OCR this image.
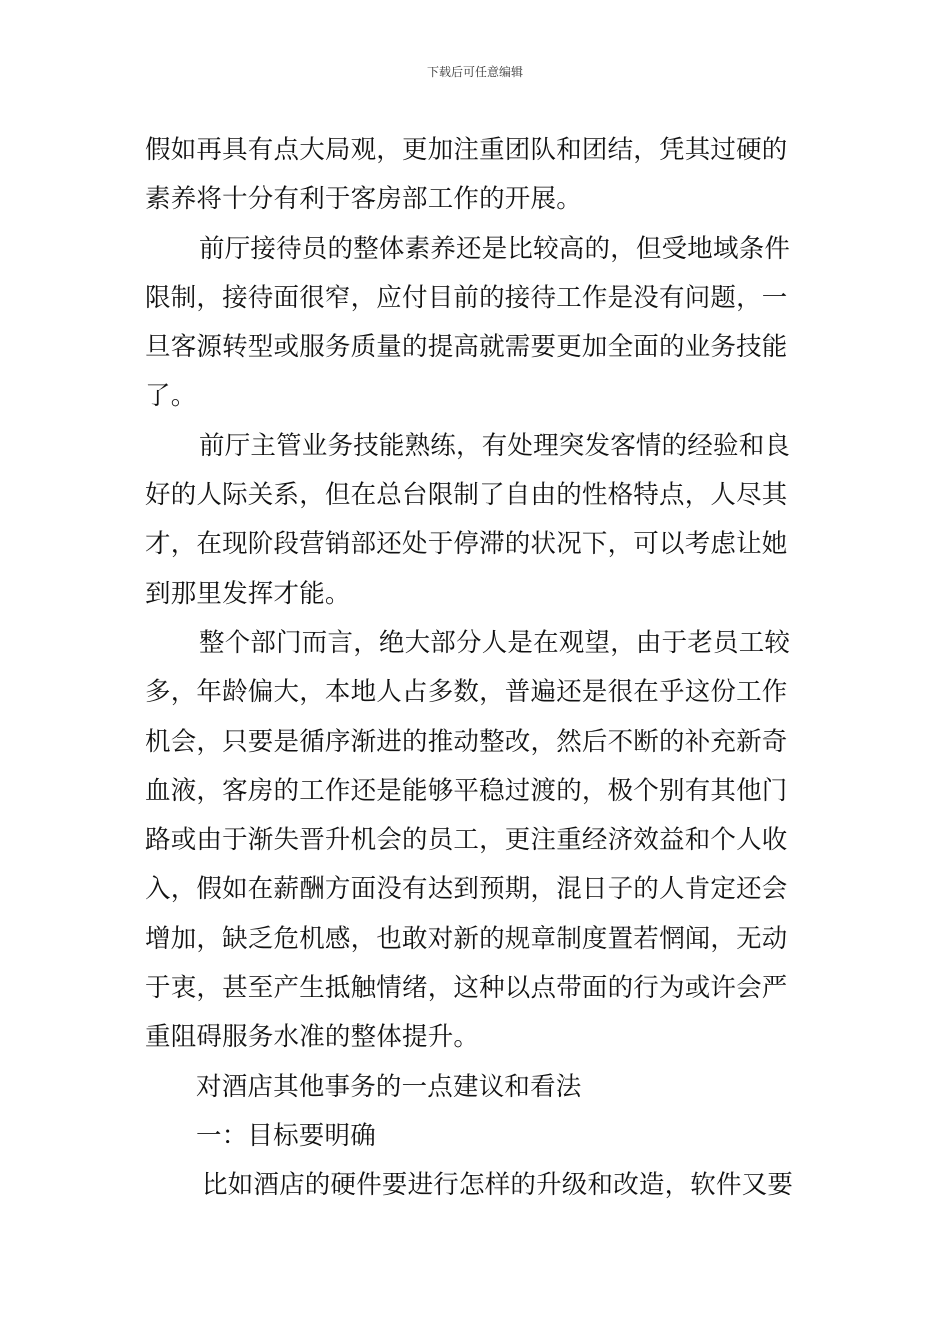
下载后可任意编辑
假如再具有点大局观，更加注重团队和团结，凭其过硬的
素养将十分有利于客房部工作的开展。
前厅接待员的整体素养还是比较高的，但受地域条件
限制，接待面很窄，应付目前的接待工作是没有问题，一
旦客源转型或服务质量的提高就需要更加全面的业务技能
了。
前厅主管业务技能熟练，有处理突发客情的经验和良
好的人际关系，但在总台限制了自由的性格特点，人尽其
才，在现阶段营销部还处于停滞的状况下，可以考虑让她
到那里发挥才能。
整个部门而言，绝大部分人是在观望，由于老员工较
多，年龄偏大，本地人占多数，普遍还是很在乎这份工作
机会，只要是循序渐进的推动整改，然后不断的补充新奇
血液，客房的工作还是能够平稳过渡的，极个别有其他门
路或由于渐失晋升机会的员工，更注重经济效益和个人收
入，假如在薪酬方面没有达到预期，混日子的人肯定还会
增加，缺乏危机感，也敢对新的规章制度置若惘闻，无动
于衷，甚至产生抵触情绪，这种以点带面的行为或许会严
重阻碍服务水准的整体提升。
对酒店其他事务的一点建议和看法
一：目标要明确
比如酒店的硬件要进行怎样的升级和改造，软件又要
